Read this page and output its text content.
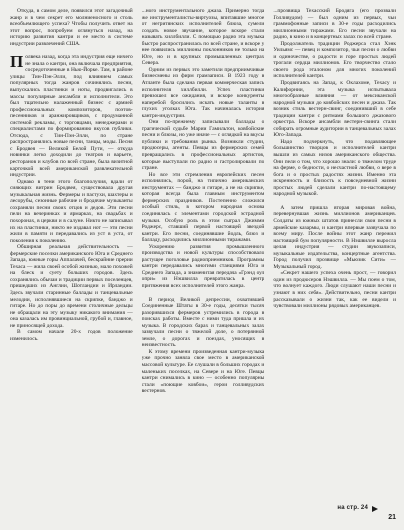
Откуда, в самом деле, появился этот загадочный жанр и в чем секрет его молниеносного и столь всеобъемлющего успеха? Чтобы получить ответ на этот вопрос, попробуем оглянуться назад, на историю развития кантри и ее место в системе индустрии развлечений США.

Полвека назад, когда эта индустрия еще ничего не знала о кантри, она включала предприятия, сосредоточенные в Нью-Йорке. Там, в районе улицы Тин-Пэн-Элли, под влиянием самых популярных тогда жанров сочинялись песни, выпускались пластинки и ноты, продвигались в массы популярные ансамбли и исполнители. Это был тщательно налаженный бизнес с армией профессиональных композиторов, поэтов-песенников и аранжировщиков, с продуманной системой рекламы, с торговцами, менеджерами и специалистами по формированию вкусов публики. Отсюда, с Тин-Пэн-Элли, по стране распространялись новые песни, танцы, моды. Песня с Бродвея — Великой Белой Пути, — откуда новинки легко доходили до театров и варьете, ресторанов и клубов по всей стране, была визитной карточкой всей американской развлекательной индустрии.

Однако в тени этого благополучия, вдали от сияющих витрин Бродвея, существовала другая музыкальная жизнь. Фермеры и пастухи, шахтеры и лесорубы, сезонные рабочие и бродячие музыканты сохраняли песни своих отцов и дедов. Эти песни пели на вечеринках и ярмарках, на свадьбах и похоронах, в церкви и в салуне. Никто не записывал их на пластинки, никто не издавал нот — эти песни жили в памяти и передавались из уст в уста, от поколения к поколению.

Обширная реальная действительность — фермерские поселки американского Юга и Среднего Запада, южные горы Аппалачей, бескрайние прерии Техаса — жила своей особой жизнью, мало похожей на блеск и суету больших городов. Здесь сохранялись обычаи и традиции первых поселенцев, пришедших из Англии, Шотландии и Ирландии. Здесь звучали старинные баллады и танцевальные мелодии, исполнявшиеся на скрипке, банджо и гитаре. Но до поры до времени столичные дельцы не обращали на эту музыку никакого внимания — она казалась им провинциальной, грубой и, главное, не приносящей дохода.

В самом начале 20-х годов положение изменилось.

...ного инструментального джаза. Примерно тогда же инструменталисты-виртуозы, впитавшие многое от негритянских исполнителей блюза, сумели создать новое звучание, которое вскоре стали называть хиллбилли. С помощью радио эта музыка быстро распространилась по всей стране, и вскоре у нее появились миллионы поклонников не только на Юге, но и в крупных промышленных центрах Севера.

Одним из первых это заметили предприимчивые бизнесмены из фирм грамзаписи. В 1923 году в Атланте была сделана первая коммерческая запись исполнителя хиллбилли. Успех пластинки превзошел все ожидания, и вскоре конкуренты наперебой бросились искать новые таланты в глухих уголках Юга. Так начиналась история кантри-индустрии.

Они по-прежнему записывали баллады о трагической судьбе Марии Гамильтон, ковбойские песни и блюзы, но уже иначе — с оглядкой на вкусы публики и требования рынка. Возникли студии, продюсеры, агенты. Певцы из фермерских семей превращались в профессиональных артистов, которые выступали по радио и гастролировали по стране.

Но все эти стремления европейских песен исполнялись, порой, на типично американских инструментах — банджо и гитаре, а не на скрипке, которая всегда была главным инструментом фермерских праздников. Постепенно сложился особый стиль, в котором народная основа соединялась с элементами городской эстрадной музыки. Особую роль в этом сыграл Джимми Роджерс, ставший первой настоящей звездой кантри. Его песни, соединявшие йодль, блюз и балладу, расходились миллионными тиражами.

Ускорению развития промышленного производства и новой культуры способствовало растущее поголовье радиоприемников. Программы кантри передавались многими станциями Юга и Среднего Запада, а знаменитая передача «Грэнд оул опри» из Нэшвилла превратилась в центр притяжения всех исполнителей этого жанра.

В период Великой депрессии, охватившей Соединенные Штаты в 30-е годы, десятки тысяч разорившихся фермеров устремились в города в поисках работы. Вместе с ними туда пришла и их музыка. В городских барах и танцевальных залах зазвучали песни о тяжелой доле, о потерянной земле, о дорогах и поездах, уносящих в неизвестность.

К этому времени произведенная кантри-музыка уже прочно заняла свое место в американской массовой культуре. Ее слушали в больших городах и маленьких поселках, на Севере и на Юге. Певцы кантри снимались в кино — особенно популярны стали «поющие ковбои», герои голливудских вестернов.

...прозвища Техасский Бродяга (его прозвали Голливудом) — был одним из первых, чьи граммофонные записи в 30-е годы расходились миллионными тиражами. Его песни звучали на радио, в кино и в концертных залах по всей стране.

Продолжатель традиции Роджерса стал Хэнк Уильямс — певец и композитор, чьи песни о любви и одиночестве, о радости и горе простых людей трогали сердца миллионов. Его творчество стало своего рода эталоном для многих поколений исполнителей кантри.

Продвигаясь на Запад, к Оклахоме, Техасу и Калифорнии, эта музыка испытывала многообразные влияния — от мексиканской народной музыки до ковбойских песен и джаза. Так возник стиль вестерн-свинг, соединивший в себе традиции кантри с ритмами большого джазового оркестра. Вскоре ансамбли вестерн-свинга стали собирать огромные аудитории в танцевальных залах Юго-Запада.

Надо подчеркнуть, что подавляющее большинство творцов и исполнителей кантри вышли из самых низов американского общества. Они пели о том, что хорошо знали: о тяжелом труде на ферме, о бедности, о несчастной любви, о вере в бога и о простых радостях жизни. Именно эта искренность и близость к повседневной жизни простых людей сделали кантри по-настоящему народной музыкой.

А затем пришла вторая мировая война, перевернувшая жизнь миллионов американцев. Солдаты из южных штатов принесли свои песни в армейские казармы, и кантри впервые зазвучала по всему миру. После войны этот жанр пережил настоящий бум популярности. В Нэшвилле выросла целая индустрия — студии звукозаписи, музыкальные издательства, концертные агентства. Город получил прозвище «Мьюзик Сити» — Музыкальный город.

«Секрет нашего успеха очень прост, — говорил один из продюсеров Нэшвилла. — Мы поем о том, что волнует каждого. Люди слушают наши песни и узнают в них себя». Действительно, песни кантри рассказывали о жизни так, как ее видели и чувствовали миллионы рядовых американцев.

на стр. 24
21
